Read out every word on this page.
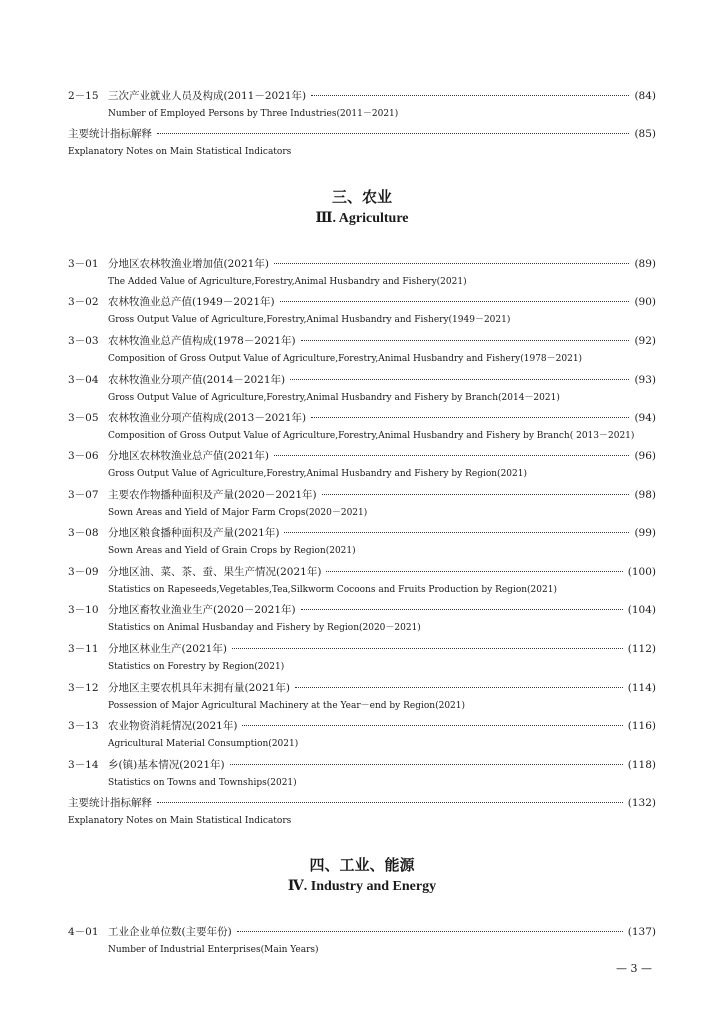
2－15 三次产业就业人员及构成(2011－2021年)	(84)
Number of Employed Persons by Three Industries(2011－2021)
主要统计指标解释	(85)
Explanatory Notes on Main Statistical Indicators
三、农业
Ⅲ. Agriculture
3－01 分地区农林牧渔业增加值(2021年)	(89)
The Added Value of Agriculture,Forestry,Animal Husbandry and Fishery(2021)
3－02 农林牧渔业总产值(1949－2021年)	(90)
Gross Output Value of Agriculture,Forestry,Animal Husbandry and Fishery(1949－2021)
3－03 农林牧渔业总产值构成(1978－2021年)	(92)
Composition of Gross Output Value of Agriculture,Forestry,Animal Husbandry and Fishery(1978－2021)
3－04 农林牧渔业分项产值(2014－2021年)	(93)
Gross Output Value of Agriculture,Forestry,Animal Husbandry and Fishery by Branch(2014－2021)
3－05 农林牧渔业分项产值构成(2013－2021年)	(94)
Composition of Gross Output Value of Agriculture,Forestry,Animal Husbandry and Fishery by Branch( 2013－2021)
3－06 分地区农林牧渔业总产值(2021年)	(96)
Gross Output Value of Agriculture,Forestry,Animal Husbandry and Fishery by Region(2021)
3－07 主要农作物播种面积及产量(2020－2021年)	(98)
Sown Areas and Yield of Major Farm Crops(2020－2021)
3－08 分地区粮食播种面积及产量(2021年)	(99)
Sown Areas and Yield of Grain Crops by Region(2021)
3－09 分地区油、菜、茶、蚕、果生产情况(2021年)	(100)
Statistics on Rapeseeds,Vegetables,Tea,Silkworm Cocoons and Fruits Production by Region(2021)
3－10 分地区畜牧业渔业生产(2020－2021年)	(104)
Statistics on Animal Husbanday and Fishery by Region(2020－2021)
3－11 分地区林业生产(2021年)	(112)
Statistics on Forestry by Region(2021)
3－12 分地区主要农机具年末拥有量(2021年)	(114)
Possession of Major Agricultural Machinery at the Year－end by Region(2021)
3－13 农业物资消耗情况(2021年)	(116)
Agricultural Material Consumption(2021)
3－14 乡(镇)基本情况(2021年)	(118)
Statistics on Towns and Townships(2021)
主要统计指标解释	(132)
Explanatory Notes on Main Statistical Indicators
四、工业、能源
Ⅳ. Industry and Energy
4－01 工业企业单位数(主要年份)	(137)
Number of Industrial Enterprises(Main Years)
— 3 —
